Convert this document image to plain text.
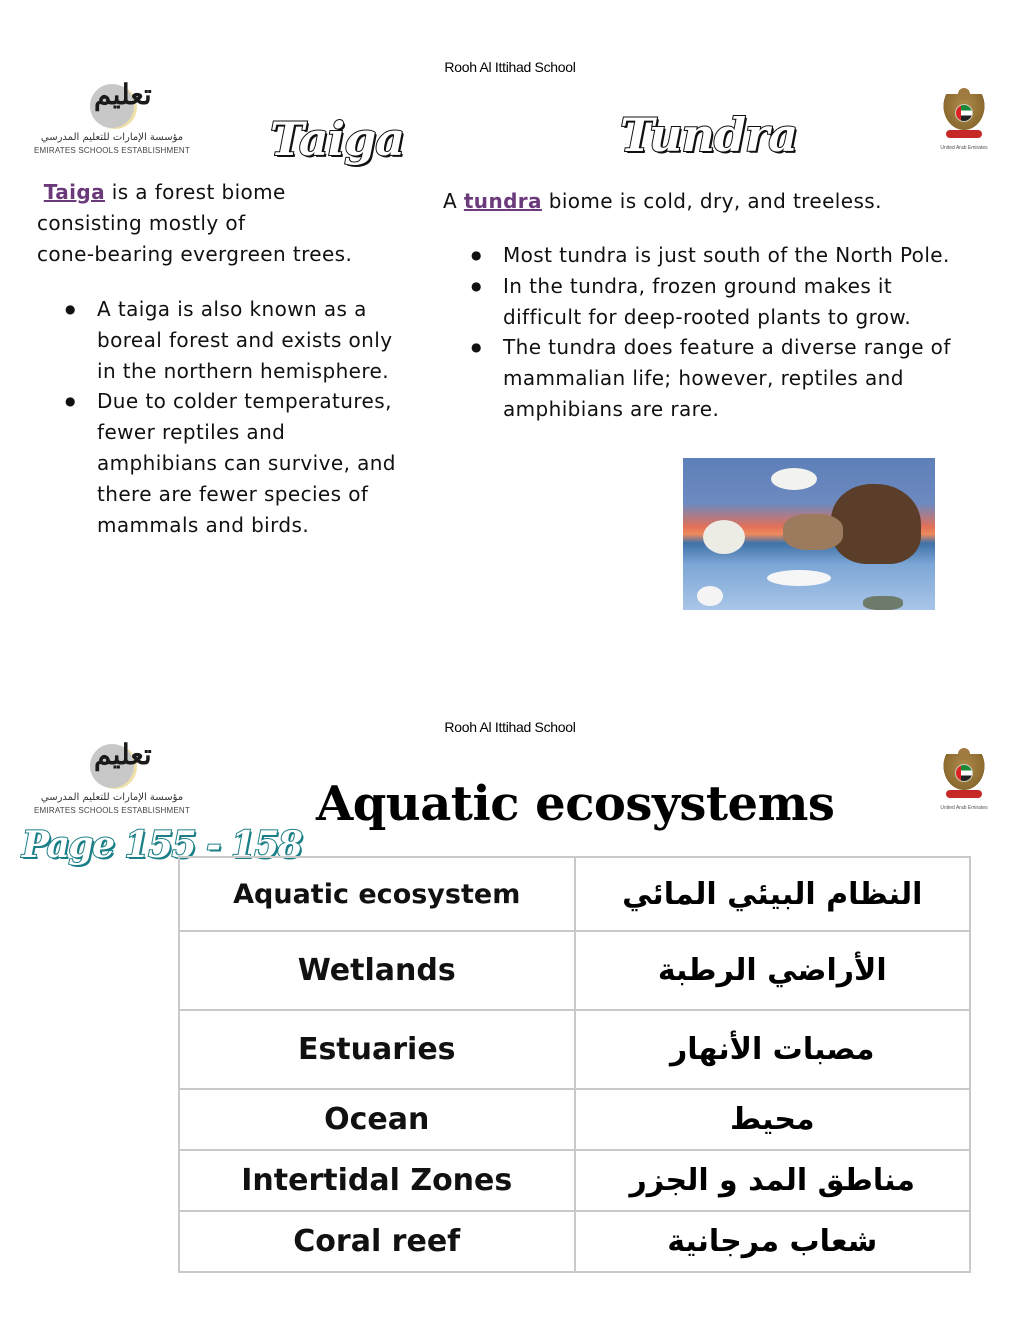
Rooh Al Ittihad School
تعليم
مؤسسة الإمارات للتعليم المدرسي
EMIRATES SCHOOLS ESTABLISHMENT	United Arab Emirates
Taiga	Tundra
Taiga is a forest biome
consisting mostly of
cone-bearing evergreen trees.
● A taiga is also known as a boreal forest and exists only in the northern hemisphere.
● Due to colder temperatures, fewer reptiles and amphibians can survive, and there are fewer species of mammals and birds.
A tundra biome is cold, dry, and treeless.
● Most tundra is just south of the North Pole.
● In the tundra, frozen ground makes it difficult for deep-rooted plants to grow.
● The tundra does feature a diverse range of mammalian life; however, reptiles and amphibians are rare.
Rooh Al Ittihad School
تعليم
مؤسسة الإمارات للتعليم المدرسي
EMIRATES SCHOOLS ESTABLISHMENT	United Arab Emirates
Aquatic ecosystems
Page 155 - 158
Aquatic ecosystem	النظام البيئي المائي
Wetlands	الأراضي الرطبة
Estuaries	مصبات الأنهار
Ocean	محيط
Intertidal Zones	مناطق المد و الجزر
Coral reef	شعاب مرجانية
